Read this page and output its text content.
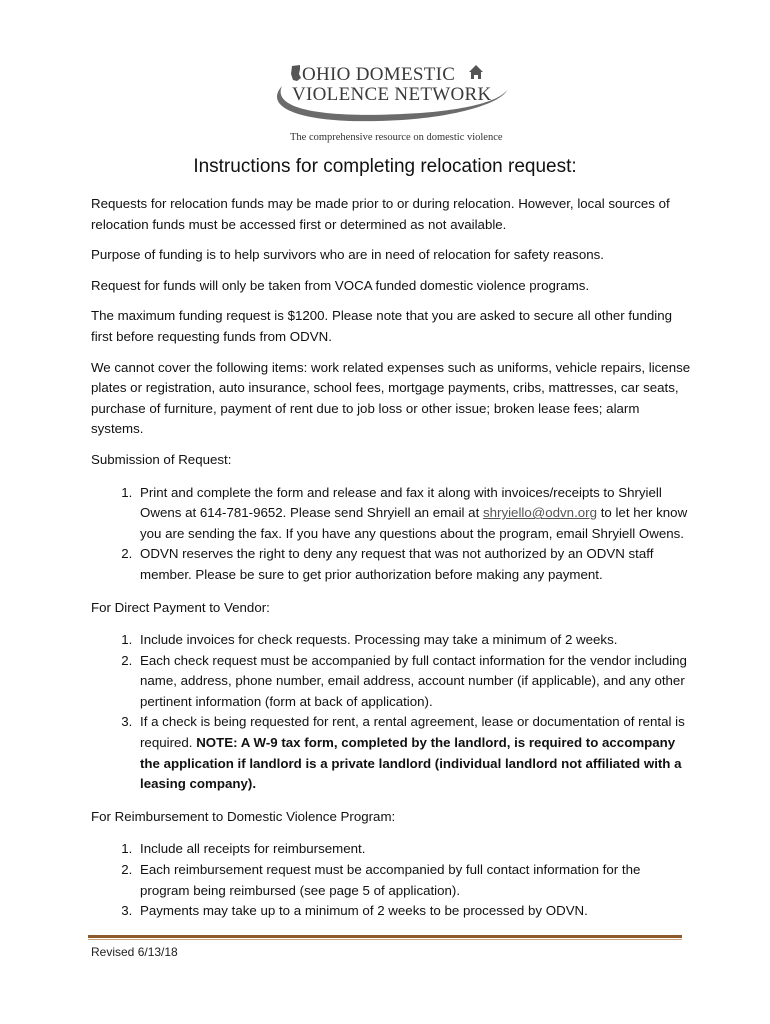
OHIO DOMESTIC
VIOLENCE NETWORK
The comprehensive resource on domestic violence
Instructions for completing relocation request:

Requests for relocation funds may be made prior to or during relocation. However, local sources of relocation funds must be accessed first or determined as not available.

Purpose of funding is to help survivors who are in need of relocation for safety reasons.

Request for funds will only be taken from VOCA funded domestic violence programs.

The maximum funding request is $1200. Please note that you are asked to secure all other funding first before requesting funds from ODVN.

We cannot cover the following items: work related expenses such as uniforms, vehicle repairs, license plates or registration, auto insurance, school fees, mortgage payments, cribs, mattresses, car seats, purchase of furniture, payment of rent due to job loss or other issue; broken lease fees; alarm systems.

Submission of Request:

1. Print and complete the form and release and fax it along with invoices/receipts to Shryiell Owens at 614-781-9652. Please send Shryiell an email at shryiello@odvn.org to let her know you are sending the fax. If you have any questions about the program, email Shryiell Owens.
2. ODVN reserves the right to deny any request that was not authorized by an ODVN staff member. Please be sure to get prior authorization before making any payment.

For Direct Payment to Vendor:

1. Include invoices for check requests. Processing may take a minimum of 2 weeks.
2. Each check request must be accompanied by full contact information for the vendor including name, address, phone number, email address, account number (if applicable), and any other pertinent information (form at back of application).
3. If a check is being requested for rent, a rental agreement, lease or documentation of rental is required. NOTE: A W-9 tax form, completed by the landlord, is required to accompany the application if landlord is a private landlord (individual landlord not affiliated with a leasing company).

For Reimbursement to Domestic Violence Program:

1. Include all receipts for reimbursement.
2. Each reimbursement request must be accompanied by full contact information for the program being reimbursed (see page 5 of application).
3. Payments may take up to a minimum of 2 weeks to be processed by ODVN.
Revised 6/13/18
